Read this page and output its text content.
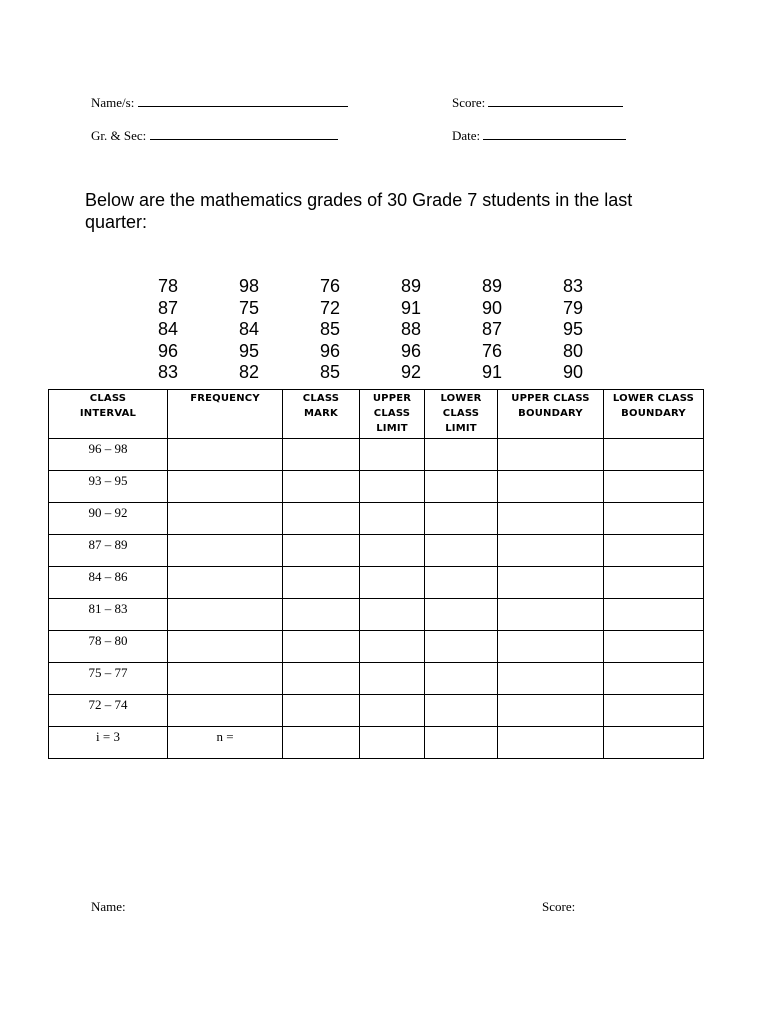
Name/s:	Score:
Gr. & Sec:	Date:
Below are the mathematics grades of 30 Grade 7 students in the last quarter:
78	98	76	89	89	83
87	75	72	91	90	79
84	84	85	88	87	95
96	95	96	96	76	80
83	82	85	92	91	90
CLASS INTERVAL	FREQUENCY	CLASS MARK	UPPER CLASS LIMIT	LOWER CLASS LIMIT	UPPER CLASS BOUNDARY	LOWER CLASS BOUNDARY
96 – 98						
93 – 95						
90 – 92						
87 – 89						
84 – 86						
81 – 83						
78 – 80						
75 – 77						
72 – 74						
i = 3	n =					
Name:	Score:
